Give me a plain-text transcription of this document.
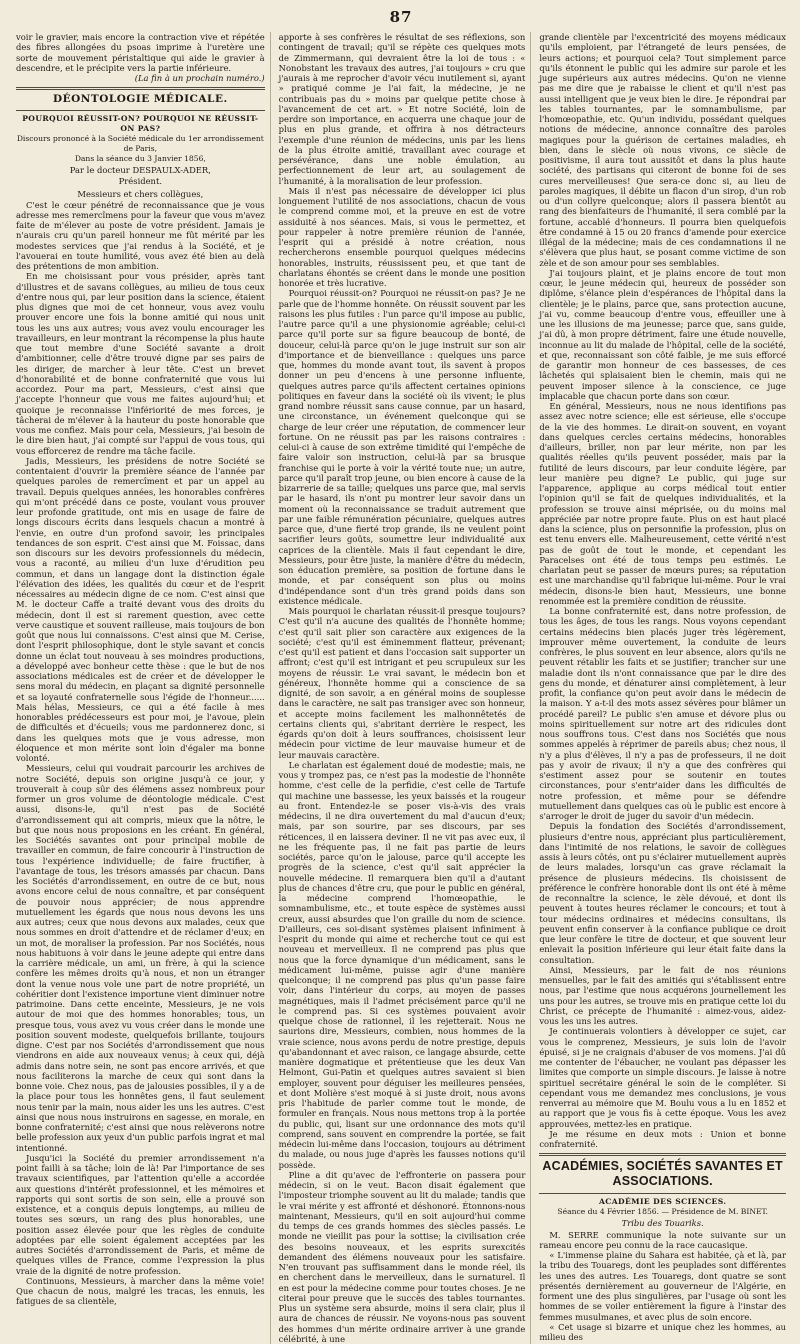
87

voir le gravier, mais encore la contraction vive et répétée des fibres allongées du psoas imprime à l'uretère une sorte de mouvement péristaltique qui aide le gravier à descendre, et le précipite vers la partie inférieure.

(La fin à un prochain numéro.)
DÉONTOLOGIE MÉDICALE.
POURQUOI RÉUSSIT-ON? POURQUOI NE RÉUSSIT-ON PAS?
Discours prononcé à la Société médicale du 1er arrondissement de Paris,
Dans la séance du 3 Janvier 1856,
Par le docteur DESPAULX-ADER,
Président.

Messieurs et chers collègues,

C'est le cœur pénétré de reconnaissance que je vous adresse mes remercîmens pour la faveur que vous m'avez faite de m'élever au poste de votre président. Jamais je n'aurais cru qu'un pareil honneur me fût mérité par les modestes services que j'ai rendus à la Société, et je l'avouerai en toute humilité, vous avez été bien au delà des prétentions de mon ambition.

En me choisissant pour vous présider, après tant d'illustres et de savans collègues, au milieu de tous ceux d'entre nous qui, par leur position dans la science, étaient plus dignes que moi de cet honneur, vous avez voulu prouver encore une fois la bonne amitié qui nous unit tous les uns aux autres; vous avez voulu encourager les travailleurs, en leur montrant la récompense la plus haute que tout membre d'une Société savante a droit d'ambitionner, celle d'être trouvé digne par ses pairs de les diriger, de marcher à leur tête. C'est un brevet d'honorabilité et de bonne confraternité que vous lui accordez. Pour ma part, Messieurs, c'est ainsi que j'accepte l'honneur que vous me faites aujourd'hui; et quoique je reconnaisse l'infériorité de mes forces, je tâcherai de m'élever à la hauteur du poste honorable que vous me confiez. Mais pour cela, Messieurs, j'ai besoin de le dire bien haut, j'ai compté sur l'appui de vous tous, qui vous efforcerez de rendre ma tâche facile.

Jadis, Messieurs, les présidens de notre Société se contentaient d'ouvrir la première séance de l'année par quelques paroles de remercîment et par un appel au travail. Depuis quelques années, les honorables confrères qui m'ont précédé dans ce poste, voulant vous prouver leur profonde gratitude, ont mis en usage de faire de longs discours écrits dans lesquels chacun a montré à l'envie, en outre d'un profond savoir, les principales tendances de son esprit. C'est ainsi que M. Foissac, dans son discours sur les devoirs professionnels du médecin, vous a raconté, au milieu d'un luxe d'érudition peu commun, et dans un langage dont la distinction égale l'élévation des idées, les qualités du cœur et de l'esprit nécessaires au médecin digne de ce nom. C'est ainsi que M. le docteur Caffe a traité devant vous des droits du médecin, dont il est si rarement question, avec cette verve caustique et souvent railleuse, mais toujours de bon goût que nous lui connaissons. C'est ainsi que M. Cerise, dont l'esprit philosophique, dont le style savant et concis donne un éclat tout nouveau à ses moindres productions, a développé avec bonheur cette thèse : que le but de nos associations médicales est de créer et de développer le sens moral du médecin, en plaçant sa dignité personnelle et sa loyauté confraternelle sous l'égide de l'honneur...... Mais hélas, Messieurs, ce qui a été facile à mes honorables prédécesseurs est pour moi, je l'avoue, plein de difficultés et d'écueils; vous me pardonnerez donc, si dans les quelques mots que je vous adresse, mon éloquence et mon mérite sont loin d'égaler ma bonne volonté.

Messieurs, celui qui voudrait parcourir les archives de notre Société, depuis son origine jusqu'à ce jour, y trouverait à coup sûr des élémens assez nombreux pour former un gros volume de déontologie médicale. C'est aussi, disons-le, qu'il n'est pas de Société d'arrondissement qui ait compris, mieux que la nôtre, le but que nous nous proposions en les créant. En général, les Sociétés savantes ont pour principal mobile de travailler en commun, de faire concourir à l'instruction de tous l'expérience individuelle; de faire fructifier, à l'avantage de tous, les trésors amassés par chacun. Dans les Sociétés d'arrondissement, en outre de ce but, nous avons encore celui de nous connaître, et par conséquent de pouvoir nous apprécier; de nous apprendre mutuellement les égards que nous nous devons les uns aux autres; ceux que nous devons aux malades, ceux que nous sommes en droit d'attendre et de réclamer d'eux; en un mot, de moraliser la profession. Par nos Sociétés, nous nous habituons à voir dans le jeune adepte qui entre dans la carrière médicale, un ami, un frère, à qui la science confère les mêmes droits qu'à nous, et non un étranger dont la venue nous vole une part de notre propriété, un cohéritier dont l'existence importune vient diminuer notre patrimoine. Dans cette enceinte, Messieurs, je ne vois autour de moi que des hommes honorables; tous, un presque tous, vous avez vu vous créer dans le monde une position souvent modeste, quelquefois brillante, toujours digne. C'est par nos Sociétés d'arrondissement que nous viendrons en aide aux nouveaux venus; à ceux qui, déjà admis dans notre sein, ne sont pas encore arrivés, et que nous faciliterons la marche de ceux qui sont dans la bonne voie. Chez nous, pas de jalousies possibles, il y a de la place pour tous les honnêtes gens, il faut seulement nous tenir par la main, nous aider les uns les autres. C'est ainsi que nous nous instruirons en sagesse, en morale, en bonne confraternité; c'est ainsi que nous relèverons notre belle profession aux yeux d'un public parfois ingrat et mal intentionné.

Jusqu'ici la Société du premier arrondissement n'a point failli à sa tâche; loin de là! Par l'importance de ses travaux scientifiques, par l'attention qu'elle a accordée aux questions d'intérêt professionnel, et les mémoires et rapports qui sont sortis de son sein, elle a prouvé son existence, et a conquis depuis longtemps, au milieu de toutes ses sœurs, un rang des plus honorables, une position assez élevée pour que les règles de conduite adoptées par elle soient également acceptées par les autres Sociétés d'arrondissement de Paris, et même de quelques villes de France, comme l'expression la plus vraie de la dignité de notre profession.

Continuons, Messieurs, à marcher dans la même voie! Que chacun de nous, malgré les tracas, les ennuis, les fatigues de sa clientèle,

apporte à ses confrères le résultat de ses réflexions, son contingent de travail; qu'il se répète ces quelques mots de Zimmermann, qui devraient être la loi de tous : « Nonobstant les travaux des autres, j'ai toujours » cru que j'aurais à me reprocher d'avoir vécu inutilement si, ayant » pratiqué comme je l'ai fait, la médecine, je ne contribuais pas du » moins par quelque petite chose à l'avancement de cet art. » Et notre Société, loin de perdre son importance, en acquerra une chaque jour de plus en plus grande, et offrira à nos détracteurs l'exemple d'une réunion de médecins, unis par les liens de la plus étroite amitié, travaillant avec courage et persévérance, dans une noble émulation, au perfectionnement de leur art, au soulagement de l'humanité, à la moralisation de leur profession.

Mais il n'est pas nécessaire de développer ici plus longuement l'utilité de nos associations, chacun de vous le comprend comme moi, et la preuve en est de votre assiduité à nos séances. Mais, si vous le permettez, et pour rappeler à notre première réunion de l'année, l'esprit qui a présidé à notre création, nous rechercherons ensemble pourquoi quelques médecins honorables, instruits, réussissent peu, et que tant de charlatans éhontés se créent dans le monde une position honorée et très lucrative.

Pourquoi réussit-on? Pourquoi ne réussit-on pas? Je ne parle que de l'homme honnête. On réussit souvent par les raisons les plus futiles : l'un parce qu'il impose au public, l'autre parce qu'il a une physionomie agréable; celui-ci parce qu'il porte sur sa figure beaucoup de bonté, de douceur, celui-là parce qu'on le juge instruit sur son air d'importance et de bienveillance : quelques uns parce que, hommes du monde avant tout, ils savent à propos donner un peu d'encens à une personne influente, quelques autres parce qu'ils affectent certaines opinions politiques en faveur dans la société où ils vivent; le plus grand nombre réussit sans cause connue, par un hasard, une circonstance, un événement quelconque qui se charge de leur créer une réputation, de commencer leur fortune. On ne réussit pas par les raisons contraires : celui-ci à cause de son extrême timidité qui l'empêche de faire valoir son instruction, celui-là par sa brusque franchise qui le porte à voir la vérité toute nue; un autre, parce qu'il paraît trop jeune, ou bien encore à cause de la bizarrerie de sa taille; quelques uns parce que, mal servis par le hasard, ils n'ont pu montrer leur savoir dans un moment où la reconnaissance se traduit autrement que par une faible rémunération pécuniaire, quelques autres parce que, d'une fierté trop grande, ils ne veulent point sacrifier leurs goûts, soumettre leur individualité aux caprices de la clientèle. Mais il faut cependant le dire, Messieurs, pour être juste, la manière d'être du médecin, son éducation première, sa position de fortune dans le monde, et par conséquent son plus ou moins d'indépendance sont d'un très grand poids dans son existence médicale.

Mais pourquoi le charlatan réussit-il presque toujours? C'est qu'il n'a aucune des qualités de l'honnête homme; c'est qu'il sait plier son caractère aux exigences de la société; c'est qu'il est éminemment flatteur, prévenant; c'est qu'il est patient et dans l'occasion sait supporter un affront; c'est qu'il est intrigant et peu scrupuleux sur les moyens de réussir. Le vrai savant, le médecin bon et généreux, l'honnête homme qui a conscience de sa dignité, de son savoir, a en général moins de souplesse dans le caractère, ne sait pas transiger avec son honneur, et accepte moins facilement les malhonnêtetés de certains clients qui, s'abritant derrière le respect, les égards qu'on doit à leurs souffrances, choisissent leur médecin pour victime de leur mauvaise humeur et de leur mauvais caractère.

Le charlatan est également doué de modestie; mais, ne vous y trompez pas, ce n'est pas la modestie de l'honnête homme, c'est celle de la perfidie, c'est celle de Tartufe qui machine une bassesse, les yeux baissés et la rougeur au front. Entendez-le se poser vis-à-vis des vrais médecins, il ne dira ouvertement du mal d'aucun d'eux; mais, par son sourire, par ses discours, par ses réticences, il en laissera deviner. Il ne vit pas avec eux, il ne les fréquente pas, il ne fait pas partie de leurs sociétés, parce qu'on le jalouse, parce qu'il accepte les progrès de la science, c'est qu'il sait apprécier la nouvelle médecine. Il remarquera bien qu'il a d'autant plus de chances d'être cru, que pour le public en général, la médecine comprend l'homœopathie, le somnambulisme, etc., et toute espèce de systèmes aussi creux, aussi absurdes que l'on graille du nom de science. D'ailleurs, ces soi-disant systèmes plaisent infiniment à l'esprit du monde qui aime et recherche tout ce qui est nouveau et merveilleux. Il ne comprend pas plus que nous que la force dynamique d'un médicament, sans le médicament lui-même, puisse agir d'une manière quelconque; il ne comprend pas plus qu'un passe faire voir, dans l'intérieur du corps, au moyen de passes magnétiques, mais il l'admet précisément parce qu'il ne le comprend pas. Si ces systèmes pouvaient avoir quelque chose de rationnel, il les rejetterait. Nous ne saurions dire, Messieurs, combien, nous hommes de la vraie science, nous avons perdu de notre prestige, depuis qu'abandonnant et avec raison, ce langage absurde, cette manière dogmatique et prétentieuse que les deux Van Helmont, Gui-Patin et quelques autres savaient si bien employer, souvent pour déguiser les meilleures pensées, et dont Molière s'est moqué à si juste droit, nous avons pris l'habitude de parler comme tout le monde, de formuler en français. Nous nous mettons trop à la portée du public, qui, lisant sur une ordonnance des mots qu'il comprend, sans souvent en comprendre la portée, se fait médecin lui-même dans l'occasion, toujours au détriment du malade, ou nous juge d'après les fausses notions qu'il possède.

Pline a dit qu'avec de l'effronterie on passera pour médecin, si on le veut. Bacon disait également que l'imposteur triomphe souvent au lit du malade; tandis que le vrai mérite y est affronté et déshonoré. Étonnons-nous maintenant, Messieurs, qu'il en soit aujourd'hui comme du temps de ces grands hommes des siècles passés. Le monde ne vieillit pas pour la sottise; la civilisation crée des besoins nouveaux, et les esprits surexcités demandent des élémens nouveaux pour les satisfaire. N'en trouvant pas suffisamment dans le monde réel, ils en cherchent dans le merveilleux, dans le surnaturel. Il en est pour la médecine comme pour toutes choses. Je ne citerai pour preuve que le succès des tables tournantes. Plus un système sera absurde, moins il sera clair, plus il aura de chances de réussir. Ne voyons-nous pas souvent des hommes d'un mérite ordinaire arriver à une grande célébrité, à une

grande clientèle par l'excentricité des moyens médicaux qu'ils emploient, par l'étrangeté de leurs pensées, de leurs actions; et pourquoi cela? Tout simplement parce qu'ils étonnent le public qui les admire sur parole et les juge supérieurs aux autres médecins. Qu'on ne vienne pas me dire que je rabaisse le client et qu'il n'est pas aussi intelligent que je veux bien le dire. Je répondrai par les tables tournantes, par le somnambulisme, par l'homœopathie, etc. Qu'un individu, possédant quelques notions de médecine, annonce connaître des paroles magiques pour la guérison de certaines maladies, eh bien, dans le siècle où nous vivons, ce siècle de positivisme, il aura tout aussitôt et dans la plus haute société, des partisans qui citeront de bonne foi de ses cures merveilleuses! Que sera-ce donc si, au lieu de paroles magiques, il débite un flacon d'un sirop, d'un rob ou d'un collyre quelconque; alors il passera bientôt au rang des bienfaiteurs de l'humanité, il sera comblé par la fortune, accablé d'honneurs. Il pourra bien quelquefois être condamné à 15 ou 20 francs d'amende pour exercice illégal de la médecine; mais de ces condamnations il ne s'élèvera que plus haut, se posant comme victime de son zèle et de son amour pour ses semblables.

J'ai toujours plaint, et je plains encore de tout mon cœur, le jeune médecin qui, heureux de posséder son diplôme, s'élance plein d'espérances de l'hôpital dans la clientèle; je le plains, parce que, sans protection aucune, j'ai vu, comme beaucoup d'entre vous, effeuiller une à une les illusions de ma jeunesse; parce que, sans guide, j'ai dû, à mon propre détriment, faire une étude nouvelle, inconnue au lit du malade de l'hôpital, celle de la société, et que, reconnaissant son côté faible, je me suis efforcé de garantir mon honneur de ces bassesses, de ces lâchetés qui splaisaient bien le chemin, mais qui ne peuvent imposer silence à la conscience, ce juge implacable que chacun porte dans son cœur.

En général, Messieurs, nous ne nous identifions pas assez avec notre science; elle est sérieuse, elle s'occupe de la vie des hommes. Le dirait-on souvent, en voyant dans quelques cercles certains médecins, honorables d'ailleurs, briller, non par leur mérite, non par les qualités réelles qu'ils peuvent posséder, mais par la futilité de leurs discours, par leur conduite légère, par leur manière peu digne? Le public, qui juge sur l'apparence, applique au corps médical tout entier l'opinion qu'il se fait de quelques individualités, et la profession se trouve ainsi méprisée, ou du moins mal appréciée par notre propre faute. Plus on est haut placé dans la science, plus on personnifie la profession, plus on est tenu envers elle. Malheureusement, cette vérité n'est pas de goût de tout le monde, et cependant les Paracelses ont été de tous temps peu estimés. Le charlatan peut se passer de mœurs pures; sa réputation est une marchandise qu'il fabrique lui-même. Pour le vrai médecin, disons-le bien haut, Messieurs, une bonne renommée est la première condition de réussite.

La bonne confraternité est, dans notre profession, de tous les âges, de tous les rangs. Nous voyons cependant certains médecins bien placés juger très légèrement, improuver même ouvertement, la conduite de leurs confrères, le plus souvent en leur absence, alors qu'ils ne peuvent rétablir les faits et se justifier; trancher sur une maladie dont ils n'ont connaissance que par le dire des gens du monde, et dénaturer ainsi complètement, à leur profit, la confiance qu'on peut avoir dans le médecin de la maison. Y a-t-il des mots assez sévères pour blâmer un procédé pareil? Le public s'en amuse et dévore plus ou moins spirituellement sur notre art des ridicules dont nous souffrons tous. C'est dans nos Sociétés que nous sommes appelés à réprimer de pareils abus; chez nous, il n'y a plus d'élèves, il n'y a pas de professeurs, il ne doit pas y avoir de rivaux; il n'y a que des confrères qui s'estiment assez pour se soutenir en toutes circonstances, pour s'entr'aider dans les difficultés de notre profession, et même pour se défendre mutuellement dans quelques cas où le public est encore à s'arroger le droit de juger du savoir d'un médecin.

Depuis la fondation des Sociétés d'arrondissement, plusieurs d'entre nous, appréciant plus particulièrement, dans l'intimité de nos relations, le savoir de collègues assis à leurs côtés, ont pu s'éclairer mutuellement auprès de leurs malades, lorsqu'un cas grave réclamait la présence de plusieurs médecins. Ils choisissent de préférence le confrère honorable dont ils ont été à même de reconnaître la science, le zèle dévoué, et dont ils peuvent à toutes heures réclamer le concours; et tout à tour médecins ordinaires et médecins consultans, ils peuvent enfin conserver à la confiance publique ce droit que leur confère le titre de docteur, et que souvent leur enlevait la position inférieure qui leur était faite dans la consultation.

Ainsi, Messieurs, par le fait de nos réunions mensuelles, par le fait des amitiés qui s'établissent entre nous, par l'estime que nous acquérons journellement les uns pour les autres, se trouve mis en pratique cette loi du Christ, ce précepte de l'humanité : aimez-vous, aidez-vous les uns les autres.

Je continuerais volontiers à développer ce sujet, car vous le comprenez, Messieurs, je suis loin de l'avoir épuisé, si je ne craignais d'abuser de vos momens. J'ai dû me contenter de l'ébaucher, ne voulant pas dépasser les limites que comporte un simple discours. Je laisse à notre spirituel secrétaire général le soin de le compléter. Si cependant vous me demandez mes conclusions, je vous renverrai au mémoire que M. Boulu vous a lu en 1852 et au rapport que je vous fis à cette époque. Vous les avez approuvées, mettez-les en pratique.

Je me résume en deux mots : Union et bonne confraternité.

ACADÉMIES, SOCIÉTÉS SAVANTES ET ASSOCIATIONS.
ACADÉMIE DES SCIENCES.
Séance du 4 Février 1856. — Présidence de M. BINET.

Tribu des Touariks.

M. SERRE communique la note suivante sur un rameau encore peu connu de la race caucasique.

« L'immense plaine du Sahara est habitée, çà et là, par la tribu des Touaregs, dont les peuplades sont différentes les unes des autres. Les Touaregs, dont quatre se sont présentés dernièrement au gouverneur de l'Algérie, en forment une des plus singulières, par l'usage où sont les hommes de se voiler entièrement la figure à l'instar des femmes musulmanes, et avec plus de soin encore.

« Cet usage si bizarre et unique chez les hommes, au milieu des
